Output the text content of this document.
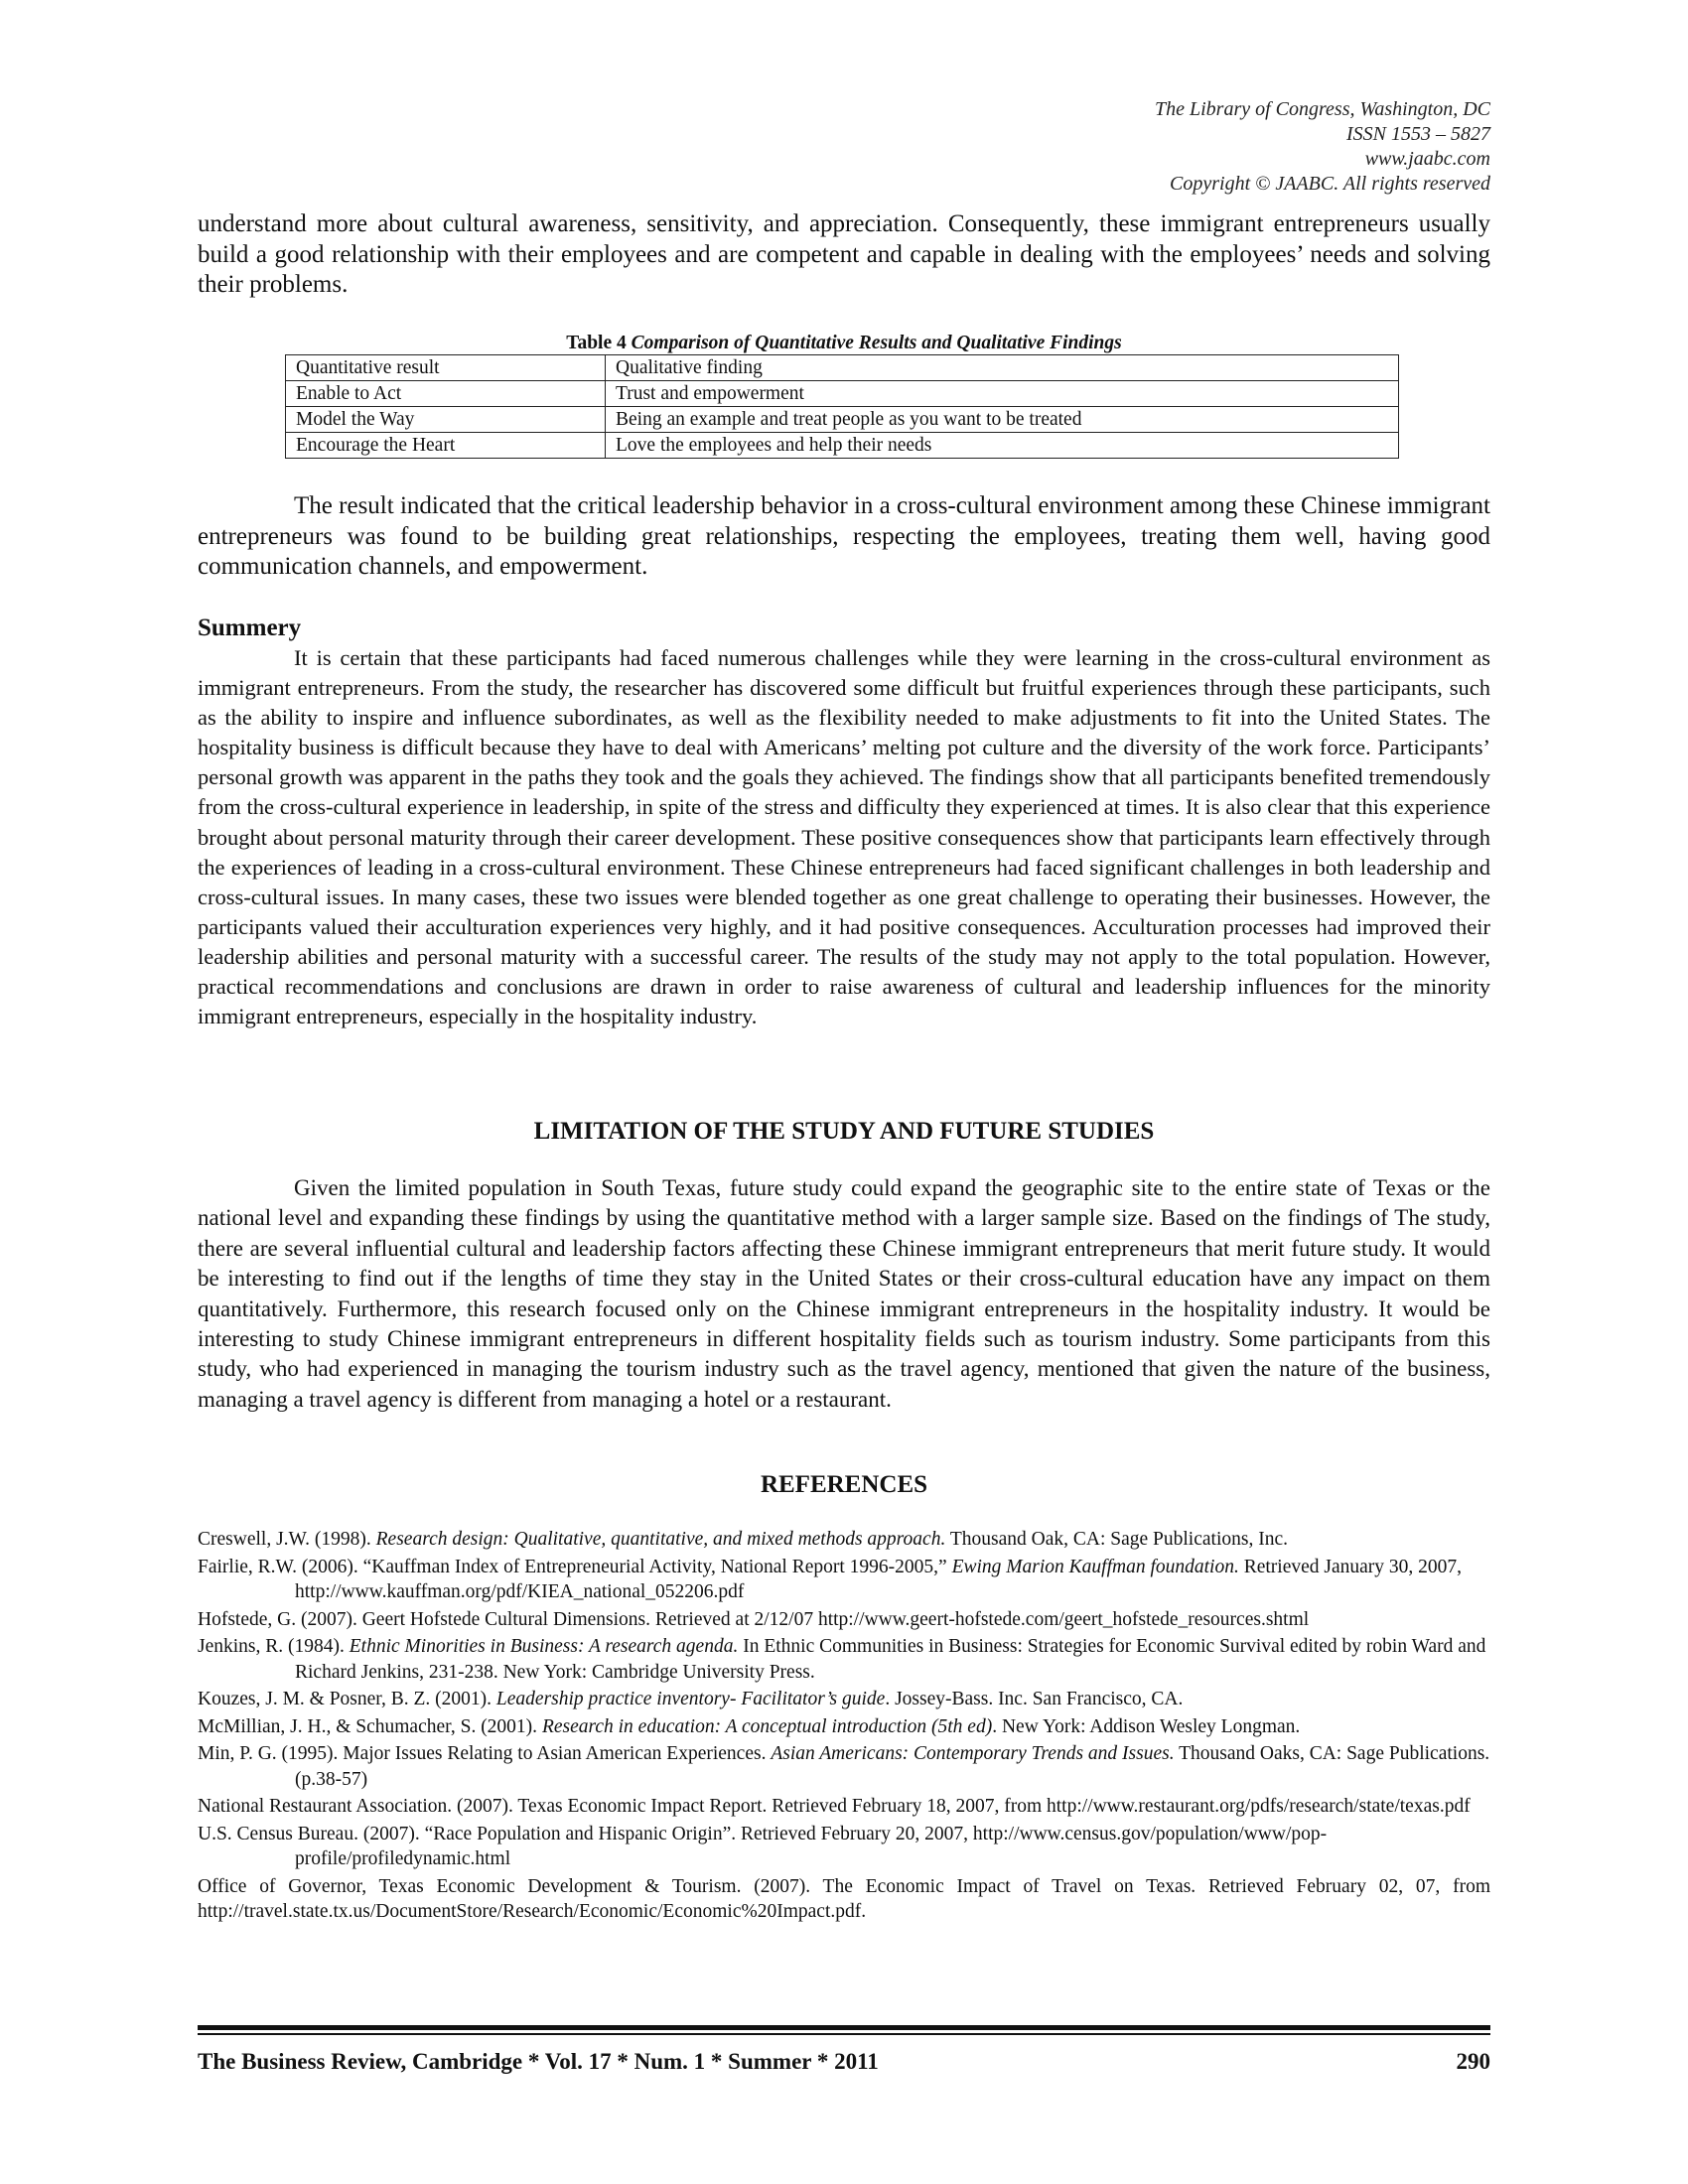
The Library of Congress, Washington, DC
ISSN 1553 – 5827
www.jaabc.com
Copyright © JAABC. All rights reserved

understand more about cultural awareness, sensitivity, and appreciation. Consequently, these immigrant entrepreneurs usually build a good relationship with their employees and are competent and capable in dealing with the employees’ needs and solving their problems.

Table 4 Comparison of Quantitative Results and Qualitative Findings
Quantitative result	Qualitative finding
Enable to Act	Trust and empowerment
Model the Way	Being an example and treat people as you want to be treated
Encourage the Heart	Love the employees and help their needs

The result indicated that the critical leadership behavior in a cross-cultural environment among these Chinese immigrant entrepreneurs was found to be building great relationships, respecting the employees, treating them well, having good communication channels, and empowerment.

Summery

It is certain that these participants had faced numerous challenges while they were learning in the cross-cultural environment as immigrant entrepreneurs. From the study, the researcher has discovered some difficult but fruitful experiences through these participants, such as the ability to inspire and influence subordinates, as well as the flexibility needed to make adjustments to fit into the United States. The hospitality business is difficult because they have to deal with Americans’ melting pot culture and the diversity of the work force. Participants’ personal growth was apparent in the paths they took and the goals they achieved. The findings show that all participants benefited tremendously from the cross-cultural experience in leadership, in spite of the stress and difficulty they experienced at times. It is also clear that this experience brought about personal maturity through their career development. These positive consequences show that participants learn effectively through the experiences of leading in a cross-cultural environment. These Chinese entrepreneurs had faced significant challenges in both leadership and cross-cultural issues. In many cases, these two issues were blended together as one great challenge to operating their businesses. However, the participants valued their acculturation experiences very highly, and it had positive consequences. Acculturation processes had improved their leadership abilities and personal maturity with a successful career. The results of the study may not apply to the total population. However, practical recommendations and conclusions are drawn in order to raise awareness of cultural and leadership influences for the minority immigrant entrepreneurs, especially in the hospitality industry.

LIMITATION OF THE STUDY AND FUTURE STUDIES

Given the limited population in South Texas, future study could expand the geographic site to the entire state of Texas or the national level and expanding these findings by using the quantitative method with a larger sample size. Based on the findings of The study, there are several influential cultural and leadership factors affecting these Chinese immigrant entrepreneurs that merit future study. It would be interesting to find out if the lengths of time they stay in the United States or their cross-cultural education have any impact on them quantitatively. Furthermore, this research focused only on the Chinese immigrant entrepreneurs in the hospitality industry. It would be interesting to study Chinese immigrant entrepreneurs in different hospitality fields such as tourism industry. Some participants from this study, who had experienced in managing the tourism industry such as the travel agency, mentioned that given the nature of the business, managing a travel agency is different from managing a hotel or a restaurant.

REFERENCES
Creswell, J.W. (1998). Research design: Qualitative, quantitative, and mixed methods approach. Thousand Oak, CA: Sage Publications, Inc.
Fairlie, R.W. (2006). “Kauffman Index of Entrepreneurial Activity, National Report 1996-2005,” Ewing Marion Kauffman foundation. Retrieved January 30, 2007, http://www.kauffman.org/pdf/KIEA_national_052206.pdf
Hofstede, G. (2007). Geert Hofstede Cultural Dimensions. Retrieved at 2/12/07 http://www.geert-hofstede.com/geert_hofstede_resources.shtml
Jenkins, R. (1984). Ethnic Minorities in Business: A research agenda. In Ethnic Communities in Business: Strategies for Economic Survival edited by robin Ward and Richard Jenkins, 231-238. New York: Cambridge University Press.
Kouzes, J. M. & Posner, B. Z. (2001). Leadership practice inventory- Facilitator’s guide. Jossey-Bass. Inc. San Francisco, CA.
McMillian, J. H., & Schumacher, S. (2001). Research in education: A conceptual introduction (5th ed). New York: Addison Wesley Longman.
Min, P. G. (1995). Major Issues Relating to Asian American Experiences. Asian Americans: Contemporary Trends and Issues. Thousand Oaks, CA: Sage Publications. (p.38-57)
National Restaurant Association. (2007). Texas Economic Impact Report. Retrieved February 18, 2007, from http://www.restaurant.org/pdfs/research/state/texas.pdf
U.S. Census Bureau. (2007). “Race Population and Hispanic Origin”. Retrieved February 20, 2007, http://www.census.gov/population/www/pop-profile/profiledynamic.html
Office of Governor, Texas Economic Development & Tourism. (2007). The Economic Impact of Travel on Texas. Retrieved February 02, 07, from http://travel.state.tx.us/DocumentStore/Research/Economic/Economic%20Impact.pdf.
The Business Review, Cambridge * Vol. 17 * Num. 1 * Summer * 2011	290
